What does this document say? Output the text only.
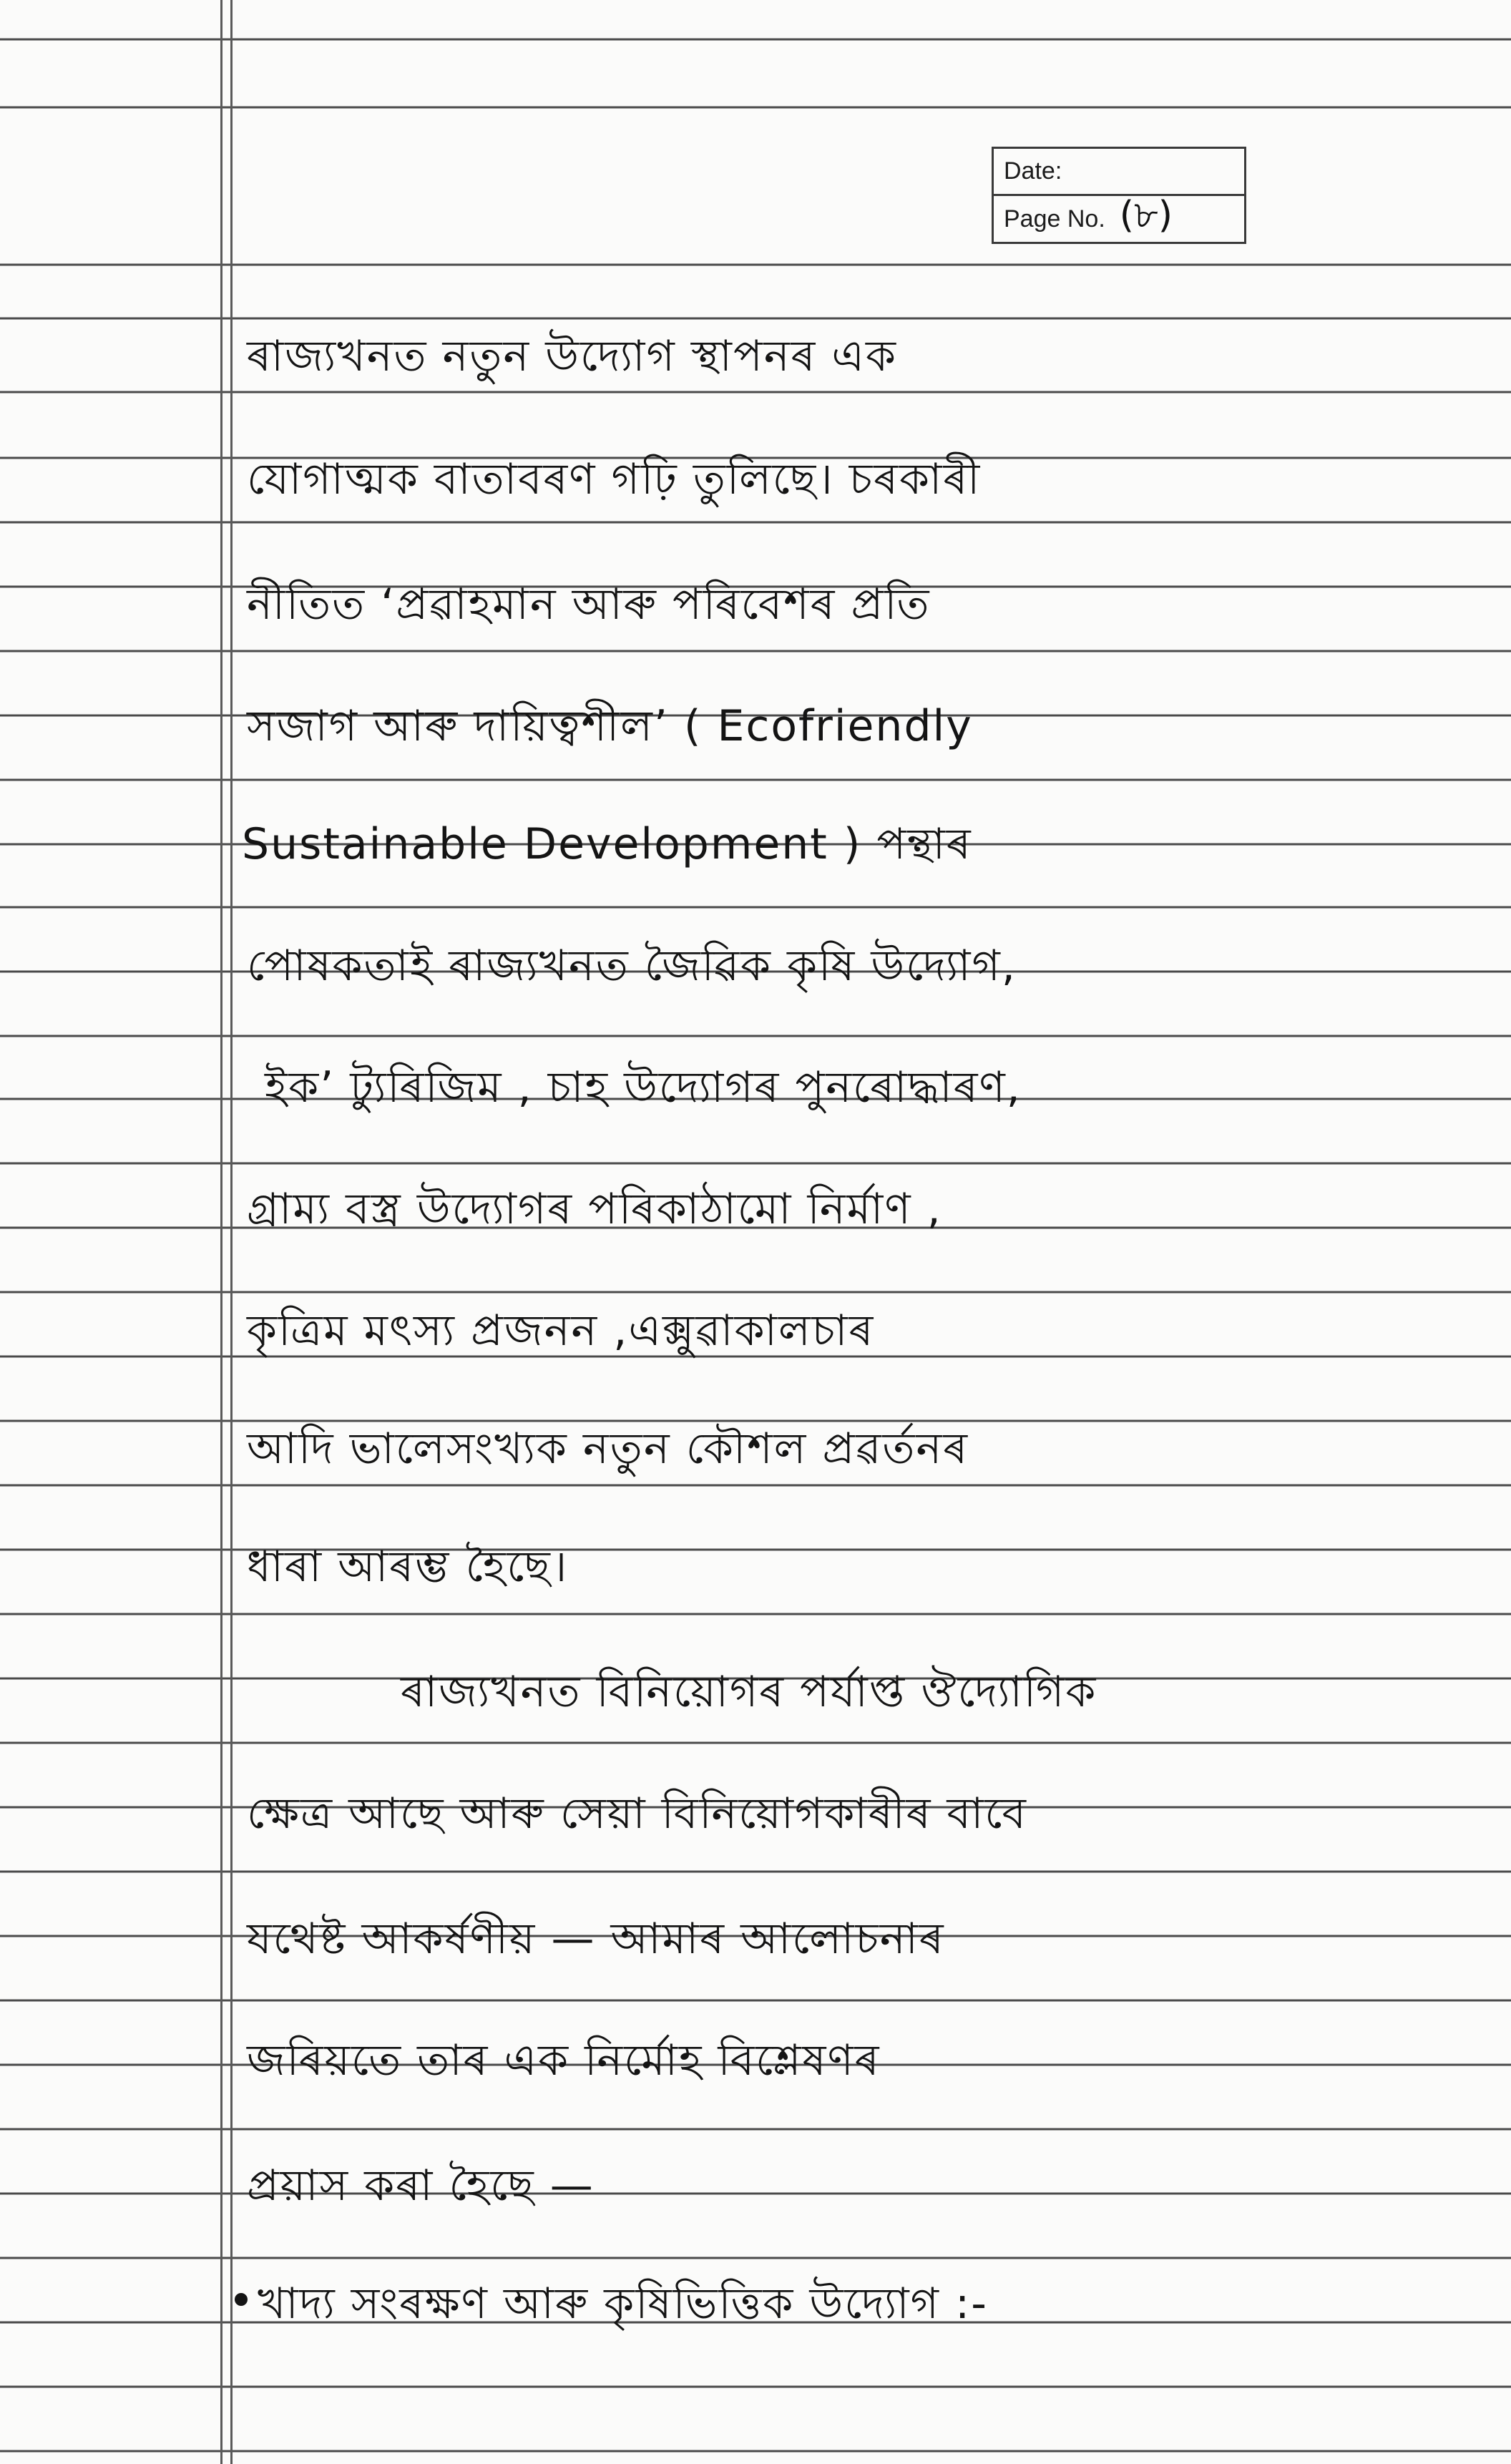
Date:
Page No. (৮)
ৰাজ্যখনত নতুন উদ্যোগ স্থাপনৰ এক
যোগাত্মক বাতাবৰণ গঢ়ি তুলিছে। চৰকাৰী
নীতিত ‘প্ৰৱাহমান আৰু পৰিবেশৰ প্ৰতি
সজাগ আৰু দায়িত্বশীল’ ( Ecofriendly
Sustainable Development ) পন্থাৰ
পোষকতাই ৰাজ্যখনত জৈৱিক কৃষি উদ্যোগ,
ইক’ ট্যুৰিজিম , চাহ উদ্যোগৰ পুনৰোদ্ধাৰণ,
গ্ৰাম্য বস্ত্ৰ উদ্যোগৰ পৰিকাঠামো নিৰ্মাণ ,
কৃত্ৰিম মৎস্য প্ৰজনন ,এক্সুৱাকালচাৰ
আদি ভালেসংখ্যক নতুন কৌশল প্ৰৱৰ্তনৰ
ধাৰা আৰম্ভ হৈছে।
ৰাজ্যখনত বিনিয়োগৰ পৰ্যাপ্ত ঔদ্যোগিক
ক্ষেত্ৰ আছে আৰু সেয়া বিনিয়োগকাৰীৰ বাবে
যথেষ্ট আকৰ্ষণীয় — আমাৰ আলোচনাৰ
জৰিয়তে তাৰ এক নিৰ্মোহ বিশ্লেষণৰ
প্ৰয়াস কৰা হৈছে —
খাদ্য সংৰক্ষণ আৰু কৃষিভিত্তিক উদ্যোগ :-
